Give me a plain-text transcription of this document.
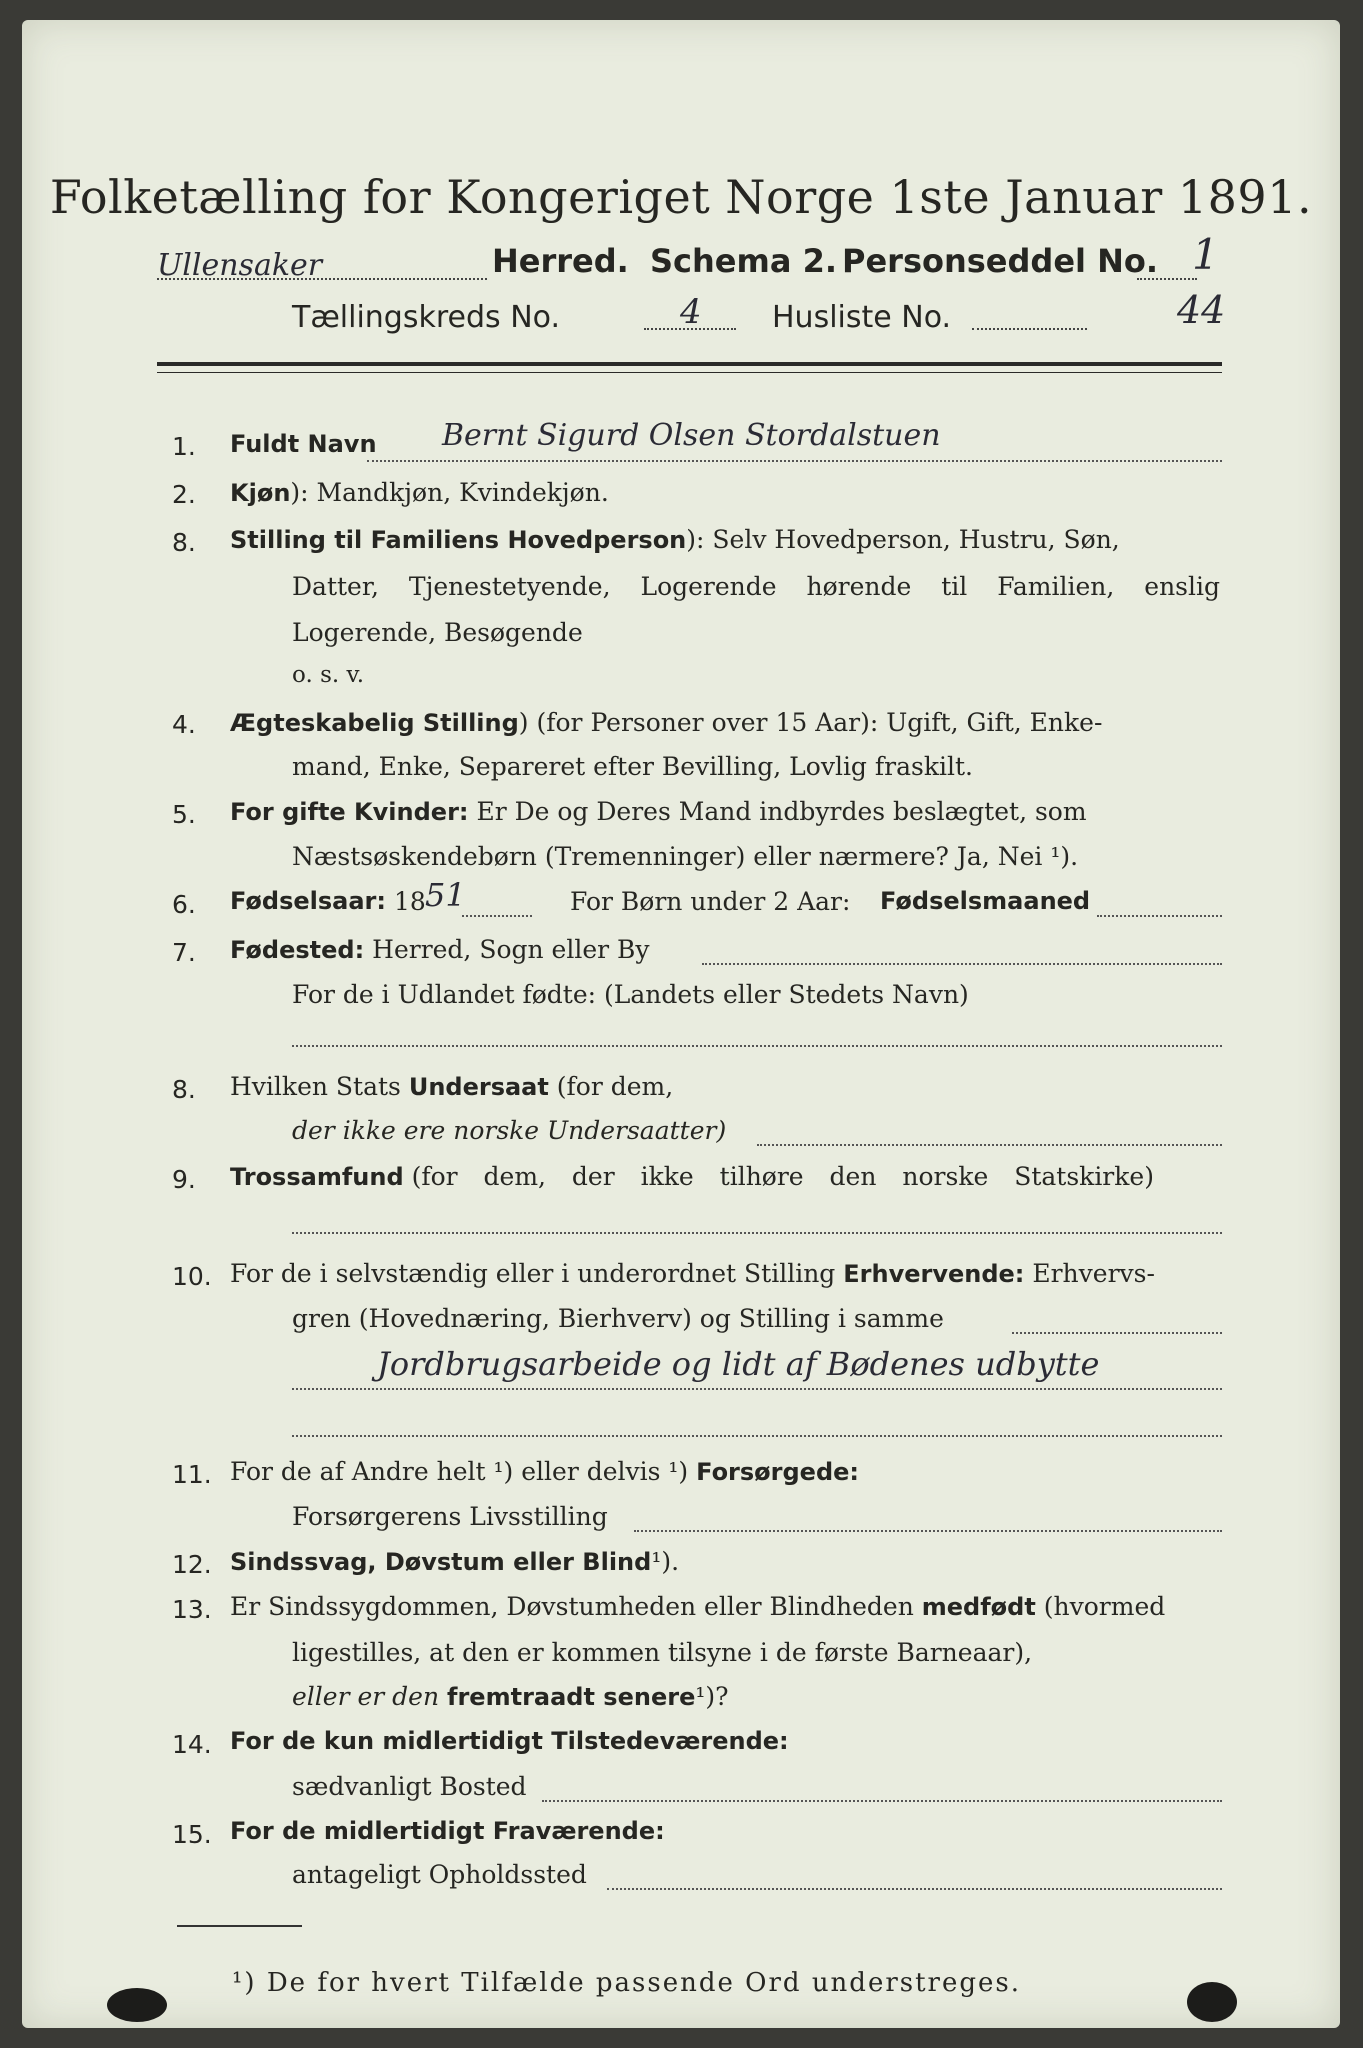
Folketælling for Kongeriget Norge 1ste Januar 1891.
Ullensaker	Herred. Schema 2. Personseddel No. 1
Tællingskreds No.	4 Husliste No.	44
1.	Fuldt Navn Bernt Sigurd Olsen Stordalstuen
2.	Kjøn): Mandkjøn, Kvindekjøn.
8.	Stilling til Familiens Hovedperson): Selv Hovedperson, Hustru, Søn,
Datter, Tjenestetyende, Logerende hørende til Familien, enslig
Logerende, Besøgende
o. s. v.
4.	Ægteskabelig Stilling) (for Personer over 15 Aar): Ugift, Gift, Enke-
mand, Enke, Separeret efter Bevilling, Lovlig fraskilt.
5.	For gifte Kvinder: Er De og Deres Mand indbyrdes beslægtet, som
Næstsøskendebørn (Tremenninger) eller nærmere? Ja, Nei ¹).
6.	Fødselsaar: 18 51	For Børn under 2 Aar: Fødselsmaaned
7.	Fødested: Herred, Sogn eller By
For de i Udlandet fødte: (Landets eller Stedets Navn)
8.	Hvilken Stats Undersaat (for dem,
der ikke ere norske Undersaatter)
9.	Trossamfund (for dem, der ikke tilhøre den norske Statskirke)
10. For de i selvstændig eller i underordnet Stilling Erhvervende: Erhvervs-
gren (Hovednæring, Bierhverv) og Stilling i samme
Jordbrugsarbeide og lidt af Bødenes udbytte
11. For de af Andre helt ¹) eller delvis ¹) Forsørgede:
Forsørgerens Livsstilling
12. Sindssvag, Døvstum eller Blind¹).
13. Er Sindssygdommen, Døvstumheden eller Blindheden medfødt (hvormed
ligestilles, at den er kommen tilsyne i de første Barneaar),
eller er den fremtraadt senere¹)?
14. For de kun midlertidigt Tilstedeværende:
sædvanligt Bosted
15. For de midlertidigt Fraværende:
antageligt Opholdssted
¹) De for hvert Tilfælde passende Ord understreges.
